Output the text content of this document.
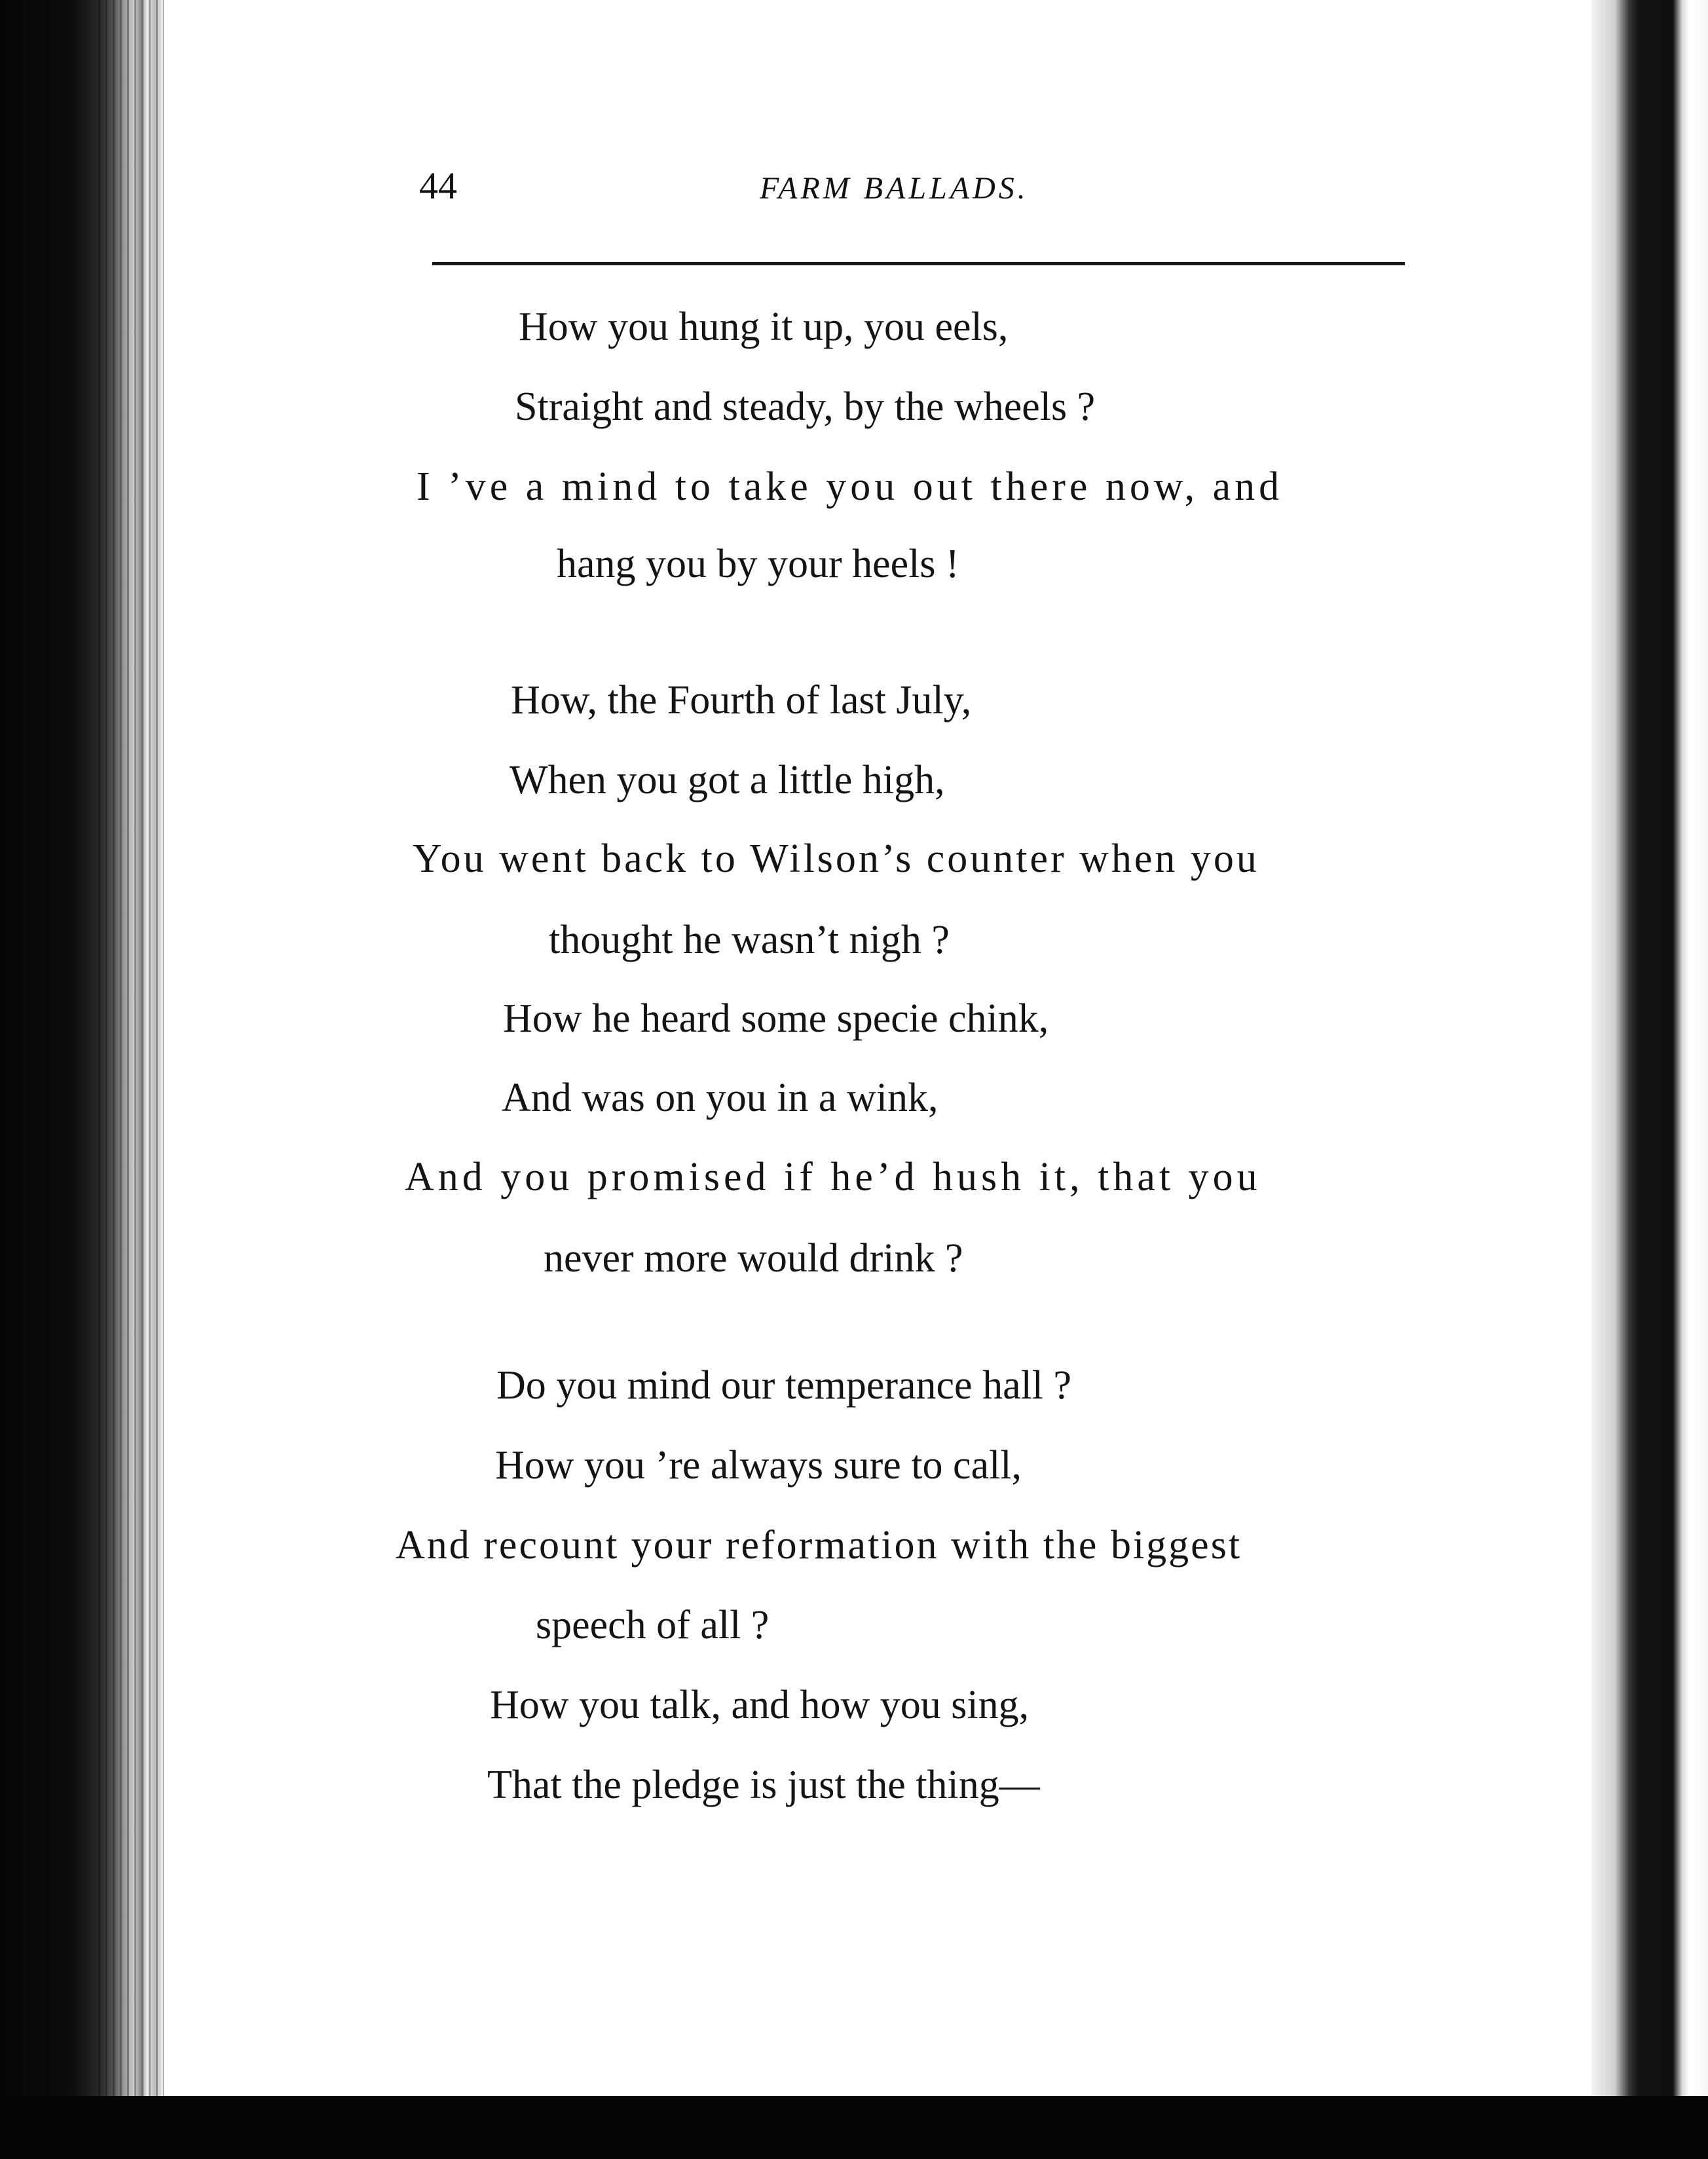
44	FARM BALLADS.
How you hung it up, you eels,
Straight and steady, by the wheels ?
I ’ve a mind to take you out there now, and
hang you by your heels !
How, the Fourth of last July,
When you got a little high,
You went back to Wilson’s counter when you
thought he wasn’t nigh ?
How he heard some specie chink,
And was on you in a wink,
And you promised if he’d hush it, that you
never more would drink ?
Do you mind our temperance hall ?
How you ’re always sure to call,
And recount your reformation with the biggest
speech of all ?
How you talk, and how you sing,
That the pledge is just the thing—
